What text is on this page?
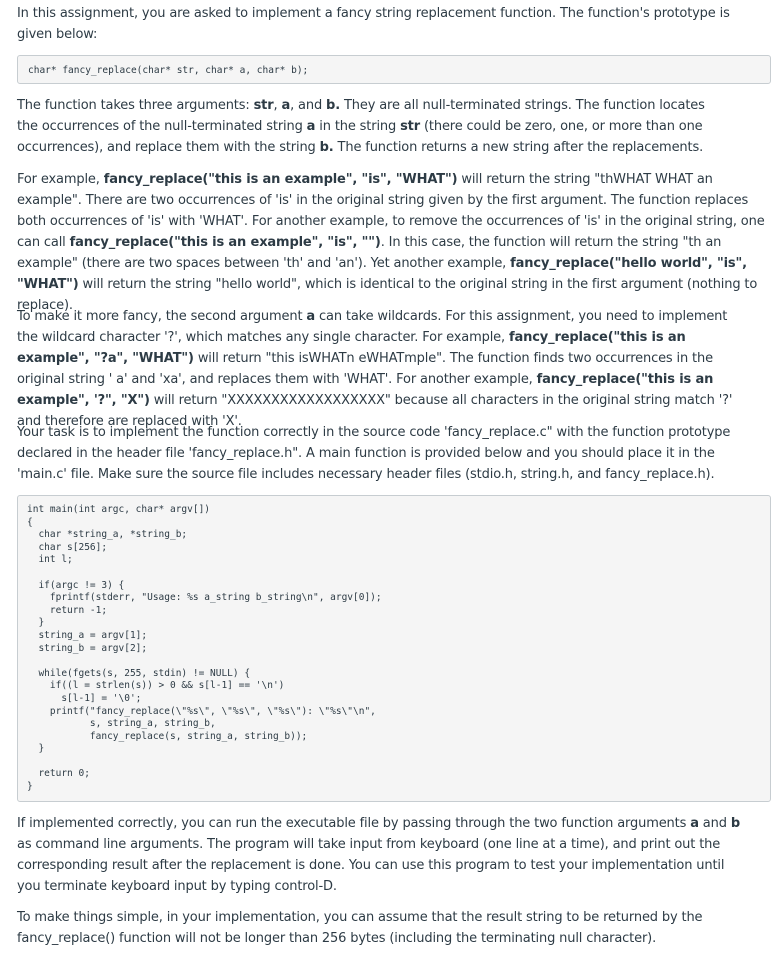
In this assignment, you are asked to implement a fancy string replacement function. The function's prototype is given below:

char* fancy_replace(char* str, char* a, char* b);

The function takes three arguments: str, a, and b. They are all null-terminated strings. The function locates the occurrences of the null-terminated string a in the string str (there could be zero, one, or more than one occurrences), and replace them with the string b. The function returns a new string after the replacements.

For example, fancy_replace("this is an example", "is", "WHAT") will return the string "thWHAT WHAT an example". There are two occurrences of 'is' in the original string given by the first argument. The function replaces both occurrences of 'is' with 'WHAT'. For another example, to remove the occurrences of 'is' in the original string, one can call fancy_replace("this is an example", "is", ""). In this case, the function will return the string "th an example" (there are two spaces between 'th' and 'an'). Yet another example, fancy_replace("hello world", "is", "WHAT") will return the string "hello world", which is identical to the original string in the first argument (nothing to replace).

To make it more fancy, the second argument a can take wildcards. For this assignment, you need to implement the wildcard character '?', which matches any single character. For example, fancy_replace("this is an example", "?a", "WHAT") will return "this isWHATn eWHATmple". The function finds two occurrences in the original string ' a' and 'xa', and replaces them with 'WHAT'. For another example, fancy_replace("this is an example", '?", "X") will return "XXXXXXXXXXXXXXXXXX" because all characters in the original string match '?' and therefore are replaced with 'X'.

Your task is to implement the function correctly in the source code 'fancy_replace.c" with the function prototype declared in the header file 'fancy_replace.h". A main function is provided below and you should place it in the 'main.c' file. Make sure the source file includes necessary header files (stdio.h, string.h, and fancy_replace.h).

int main(int argc, char* argv[])
{
char *string_a, *string_b;
char s[256];
int l;
if(argc != 3) {
fprintf(stderr, "Usage: %s a_string b_string\n", argv[0]);
return -1;
}
string_a = argv[1];
string_b = argv[2];
while(fgets(s, 255, stdin) != NULL) {
if((l = strlen(s)) > 0 && s[l-1] == '\n')
s[l-1] = '\0';
printf("fancy_replace(\"%s\", \"%s\", \"%s\"): \"%s\"\n",
s, string_a, string_b,
fancy_replace(s, string_a, string_b));
}
return 0;
}

If implemented correctly, you can run the executable file by passing through the two function arguments a and b as command line arguments. The program will take input from keyboard (one line at a time), and print out the corresponding result after the replacement is done. You can use this program to test your implementation until you terminate keyboard input by typing control-D.

To make things simple, in your implementation, you can assume that the result string to be returned by the fancy_replace() function will not be longer than 256 bytes (including the terminating null character).
